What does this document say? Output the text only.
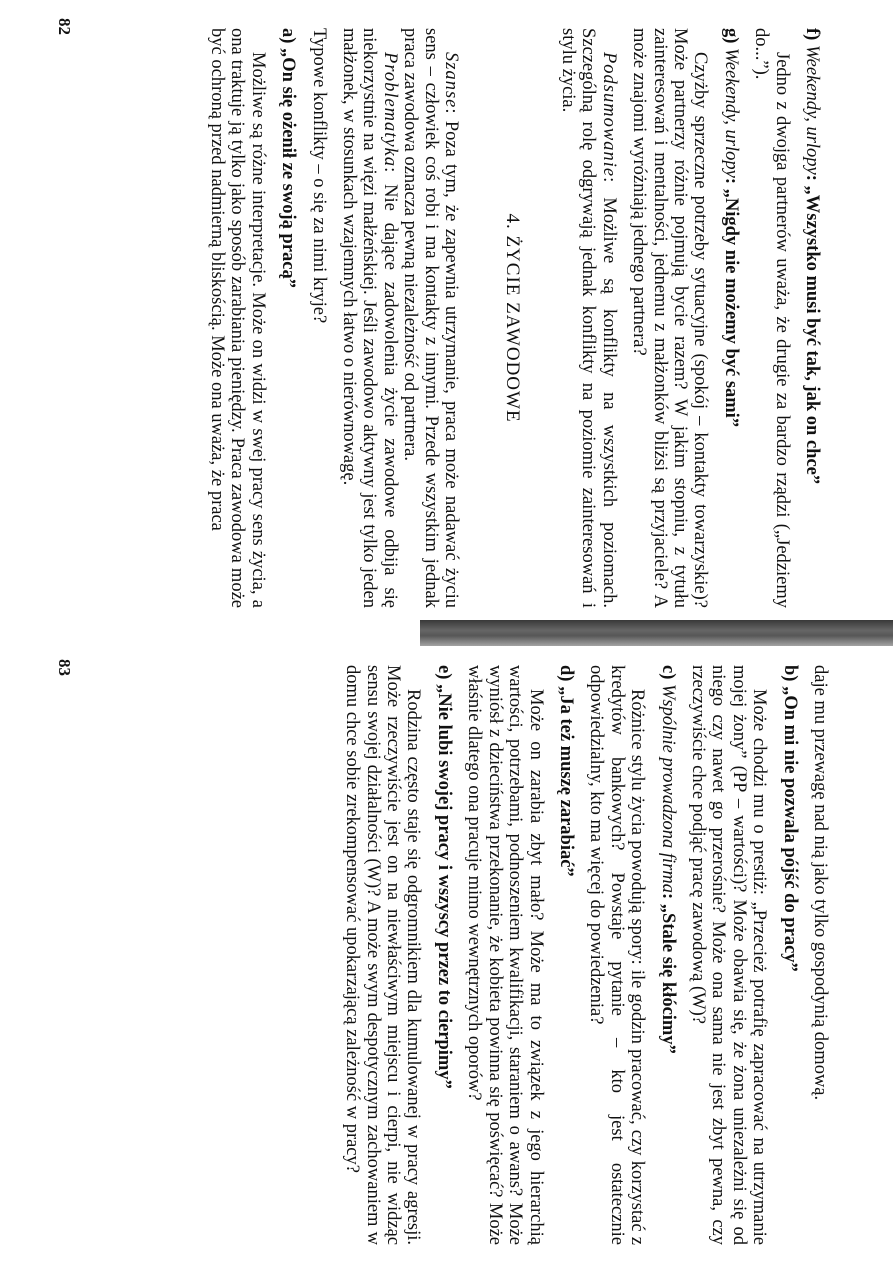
f) Weekendy, urlopy: „Wszystko musi być tak, jak on chce”

Jedno z dwojga partnerów uważa, że drugie za bardzo rządzi („Jedziemy do...”).

g) Weekendy, urlopy: „Nigdy nie możemy być sami”

Czyżby sprzeczne potrzeby sytuacyjne (spokój – kontakty towarzyskie)? Może partnerzy różnie pojmują bycie razem? W jakim stopniu, z tytułu zainteresowań i mentalności, jednemu z małżonków bliżsi są przyjaciele? A może znajomi wyróżniają jednego partnera?

Podsumowanie: Możliwe są konflikty na wszystkich poziomach. Szczególną rolę odgrywają jednak konflikty na poziomie zainteresowań i stylu życia.

4. ŻYCIE ZAWODOWE

Szanse: Poza tym, że zapewnia utrzymanie, praca może nadawać życiu sens – człowiek coś robi i ma kontakty z innymi. Przede wszystkim jednak praca zawodowa oznacza pewną niezależność od partnera.

Problematyka: Nie dające zadowolenia życie zawodowe odbija się niekorzystnie na więzi małżeńskiej. Jeśli zawodowo aktywny jest tylko jeden małżonek, w stosunkach wzajemnych łatwo o nierównowagę.

Typowe konflikty – o się za nimi kryje?

a) „On się ożenił ze swoją pracą”

Możliwe są różne interpretacje. Może on widzi w swej pracy sens życia, a ona traktuje ją tylko jako sposób zarabiania pieniędzy. Praca zawodowa może być ochroną przed nadmierną bliskością. Może ona uważa, że praca

82

daje mu przewagę nad nią jako tylko gospodynią domową.

b) „On mi nie pozwala pójść do pracy”

Może chodzi mu o prestiż: „Przecież potrafię zapracować na utrzymanie mojej żony” (PP – wartości)? Może obawia się, że żona uniezależni się od niego czy nawet go przerośnie? Może ona sama nie jest zbyt pewna, czy rzeczywiście chce podjąć pracę zawodową (W)?

c) Wspólnie prowadzona firma: „Stale się kłócimy”

Różnice stylu życia powodują spory: ile godzin pracować, czy korzystać z kredytów bankowych? Powstaje pytanie – kto jest ostatecznie odpowiedzialny, kto ma więcej do powiedzenia?

d) „Ja też muszę zarabiać”

Może on zarabia zbyt mało? Może ma to związek z jego hierarchią wartości, potrzebami, podnoszeniem kwalifikacji, staraniem o awans? Może wyniósł z dzieciństwa przekonanie, że kobieta powinna się poświęcać? Może właśnie dlatego ona pracuje mimo wewnętrznych oporów?

e) „Nie lubi swojej pracy i wszyscy przez to cierpimy”

Rodzina często staje się odgromnikiem dla kumulowanej w pracy agresji. Może rzeczywiście jest on na niewłaściwym miejscu i cierpi, nie widząc sensu swojej działalności (W)? A może swym despotycznym zachowaniem w domu chce sobie zrekompensować upokarzającą zależność w pracy?

83
